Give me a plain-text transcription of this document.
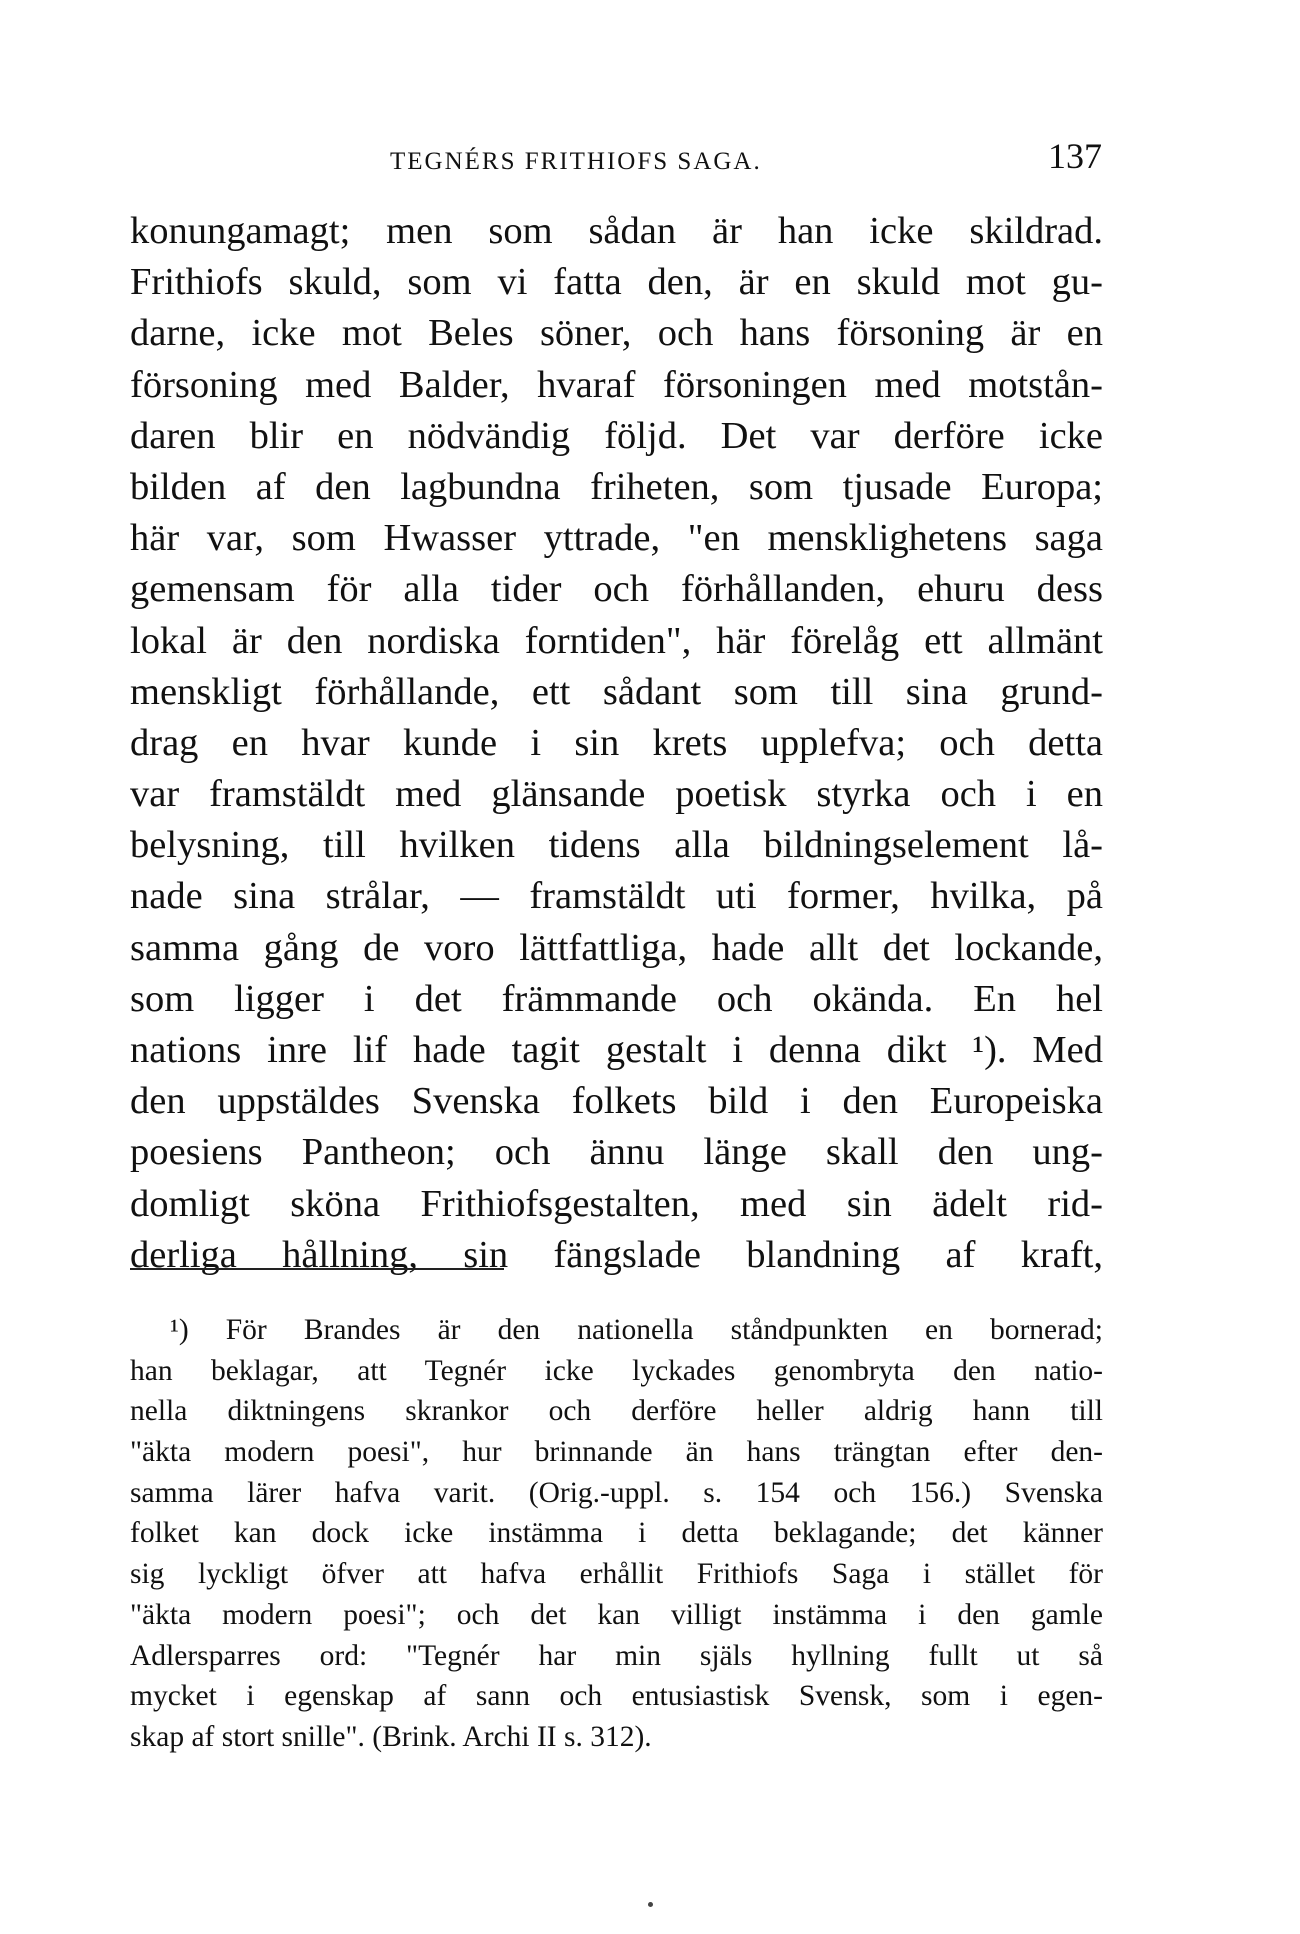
TEGNÉRS FRITHIOFS SAGA.	137
konungamagt; men som sådan är han icke skildrad.
Frithiofs skuld, som vi fatta den, är en skuld mot gu-
darne, icke mot Beles söner, och hans försoning är en
försoning med Balder, hvaraf försoningen med motstån-
daren blir en nödvändig följd. Det var derföre icke
bilden af den lagbundna friheten, som tjusade Europa;
här var, som Hwasser yttrade, "en mensklighetens saga
gemensam för alla tider och förhållanden, ehuru dess
lokal är den nordiska forntiden", här förelåg ett allmänt
menskligt förhållande, ett sådant som till sina grund-
drag en hvar kunde i sin krets upplefva; och detta
var framstäldt med glänsande poetisk styrka och i en
belysning, till hvilken tidens alla bildningselement lå-
nade sina strålar, — framstäldt uti former, hvilka, på
samma gång de voro lättfattliga, hade allt det lockande,
som ligger i det främmande och okända. En hel
nations inre lif hade tagit gestalt i denna dikt ¹). Med
den uppstäldes Svenska folkets bild i den Europeiska
poesiens Pantheon; och ännu länge skall den ung-
domligt sköna Frithiofsgestalten, med sin ädelt rid-
derliga hållning, sin fängslade blandning af kraft,
¹) För Brandes är den nationella ståndpunkten en bornerad;
han beklagar, att Tegnér icke lyckades genombryta den natio-
nella diktningens skrankor och derföre heller aldrig hann till
"äkta modern poesi", hur brinnande än hans trängtan efter den-
samma lärer hafva varit. (Orig.-uppl. s. 154 och 156.) Svenska
folket kan dock icke instämma i detta beklagande; det känner
sig lyckligt öfver att hafva erhållit Frithiofs Saga i stället för
"äkta modern poesi"; och det kan villigt instämma i den gamle
Adlersparres ord: "Tegnér har min själs hyllning fullt ut så
mycket i egenskap af sann och entusiastisk Svensk, som i egen-
skap af stort snille". (Brink. Archi II s. 312).
